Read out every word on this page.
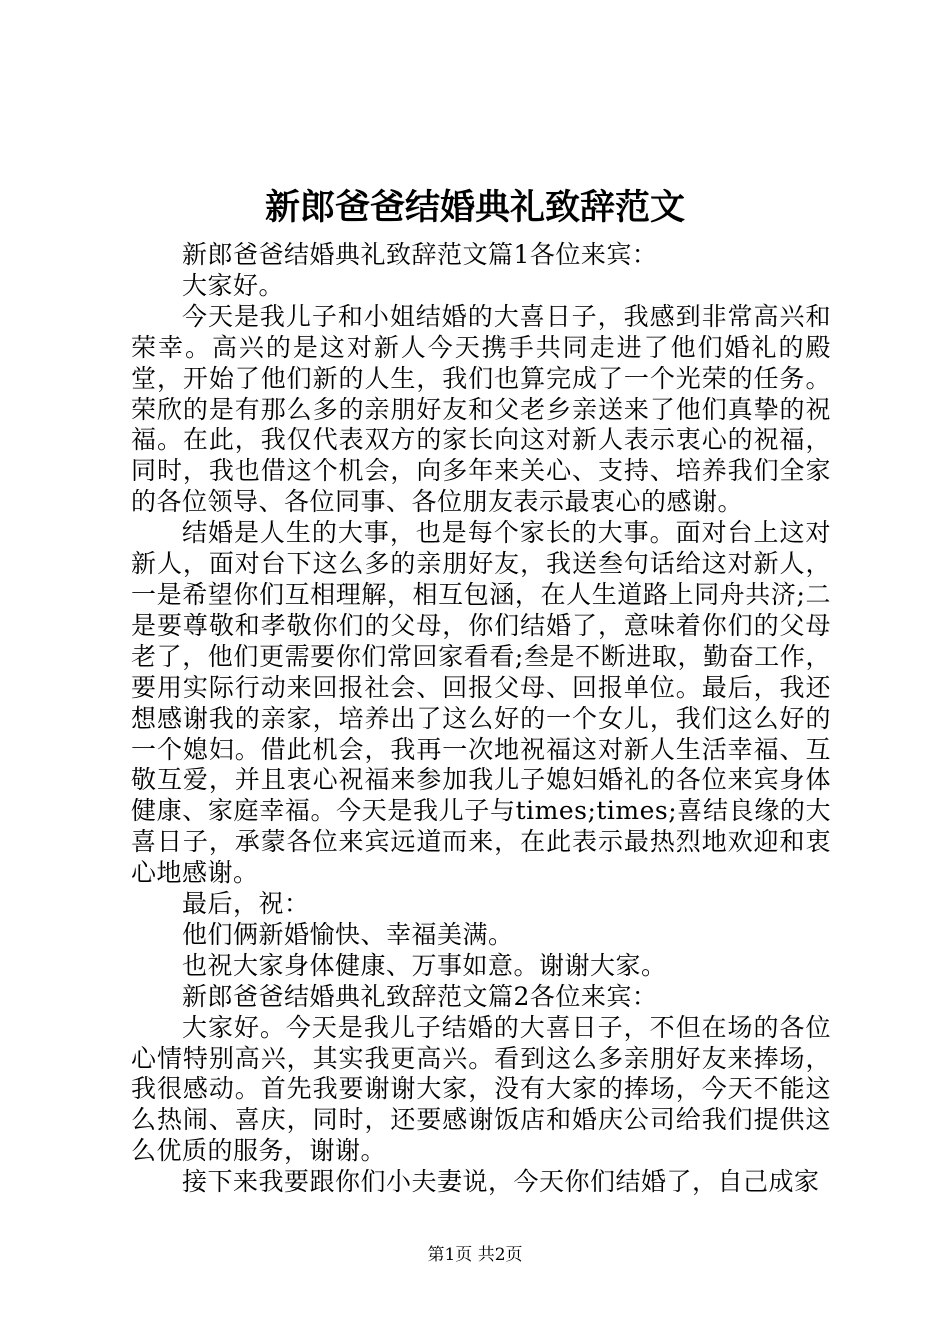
新郎爸爸结婚典礼致辞范文

新郎爸爸结婚典礼致辞范文篇1各位来宾：

大家好。

今天是我儿子和小姐结婚的大喜日子，我感到非常高兴和荣幸。高兴的是这对新人今天携手共同走进了他们婚礼的殿堂，开始了他们新的人生，我们也算完成了一个光荣的任务。荣欣的是有那么多的亲朋好友和父老乡亲送来了他们真挚的祝福。在此，我仅代表双方的家长向这对新人表示衷心的祝福，同时，我也借这个机会，向多年来关心、支持、培养我们全家的各位领导、各位同事、各位朋友表示最衷心的感谢。

结婚是人生的大事，也是每个家长的大事。面对台上这对新人，面对台下这么多的亲朋好友，我送叁句话给这对新人，一是希望你们互相理解，相互包涵，在人生道路上同舟共济;二是要尊敬和孝敬你们的父母，你们结婚了，意味着你们的父母老了，他们更需要你们常回家看看;叁是不断进取，勤奋工作，要用实际行动来回报社会、回报父母、回报单位。最后，我还想感谢我的亲家，培养出了这么好的一个女儿，我们这么好的一个媳妇。借此机会，我再一次地祝福这对新人生活幸福、互敬互爱，并且衷心祝福来参加我儿子媳妇婚礼的各位来宾身体健康、家庭幸福。今天是我儿子与times;times;喜结良缘的大喜日子，承蒙各位来宾远道而来，在此表示最热烈地欢迎和衷心地感谢。

最后，祝：

他们俩新婚愉快、幸福美满。

也祝大家身体健康、万事如意。谢谢大家。

新郎爸爸结婚典礼致辞范文篇2各位来宾：

大家好。今天是我儿子结婚的大喜日子，不但在场的各位心情特别高兴，其实我更高兴。看到这么多亲朋好友来捧场，我很感动。首先我要谢谢大家，没有大家的捧场，今天不能这么热闹、喜庆，同时，还要感谢饭店和婚庆公司给我们提供这么优质的服务，谢谢。

接下来我要跟你们小夫妻说，今天你们结婚了，自己成家

第1页 共2页
